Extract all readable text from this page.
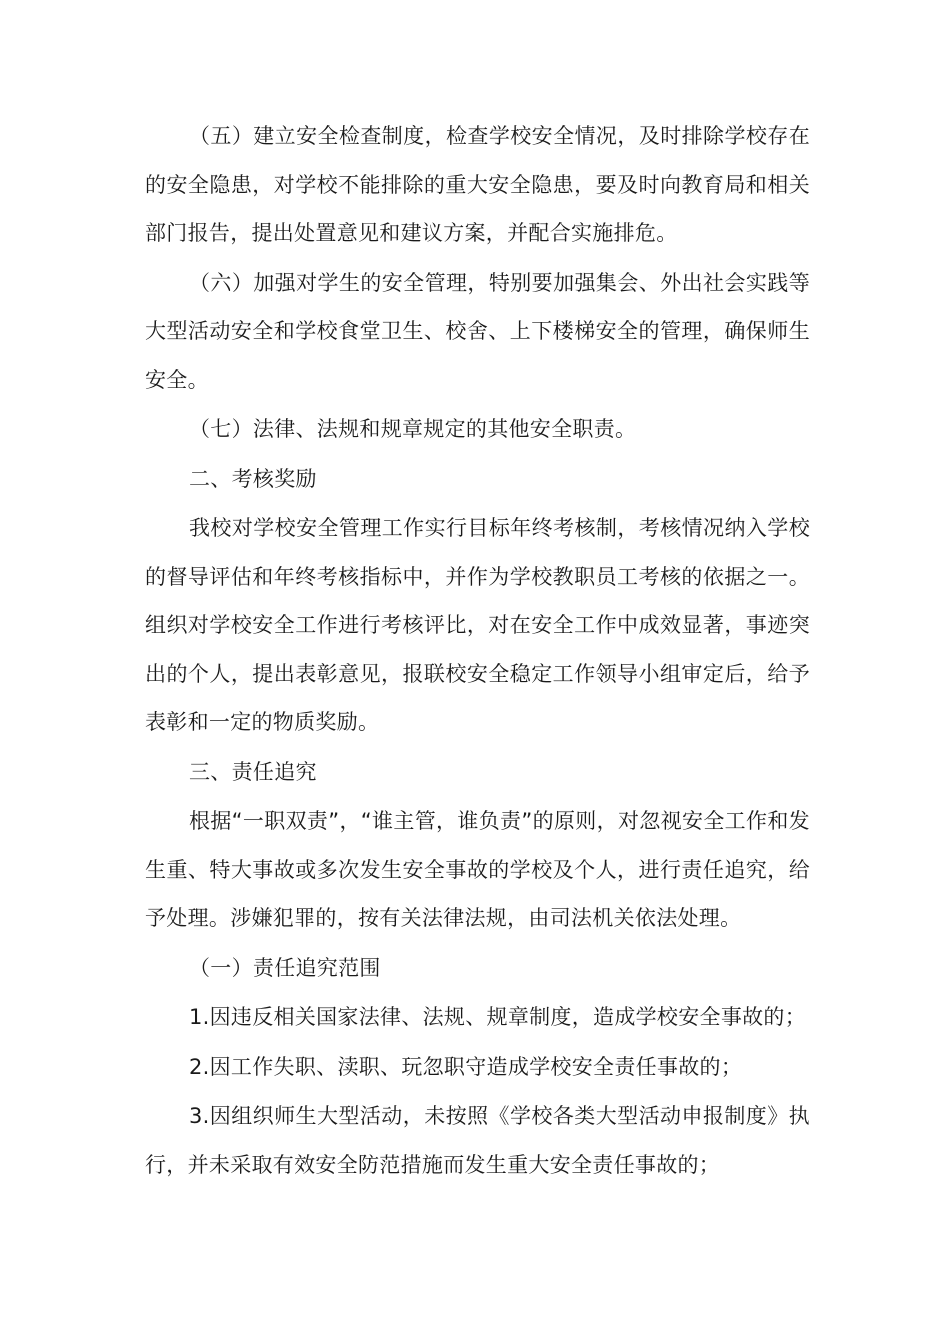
（五）建立安全检查制度，检查学校安全情况，及时排除学校存在的安全隐患，对学校不能排除的重大安全隐患，要及时向教育局和相关部门报告，提出处置意见和建议方案，并配合实施排危。

（六）加强对学生的安全管理，特别要加强集会、外出社会实践等大型活动安全和学校食堂卫生、校舍、上下楼梯安全的管理，确保师生安全。

（七）法律、法规和规章规定的其他安全职责。

二、考核奖励

我校对学校安全管理工作实行目标年终考核制，考核情况纳入学校的督导评估和年终考核指标中，并作为学校教职员工考核的依据之一。组织对学校安全工作进行考核评比，对在安全工作中成效显著，事迹突出的个人，提出表彰意见，报联校安全稳定工作领导小组审定后，给予表彰和一定的物质奖励。

三、责任追究

根据“一职双责”，“谁主管，谁负责”的原则，对忽视安全工作和发生重、特大事故或多次发生安全事故的学校及个人，进行责任追究，给予处理。涉嫌犯罪的，按有关法律法规，由司法机关依法处理。

（一）责任追究范围

1.因违反相关国家法律、法规、规章制度，造成学校安全事故的；

2.因工作失职、渎职、玩忽职守造成学校安全责任事故的；

3.因组织师生大型活动，未按照《学校各类大型活动申报制度》执行，并未采取有效安全防范措施而发生重大安全责任事故的；
